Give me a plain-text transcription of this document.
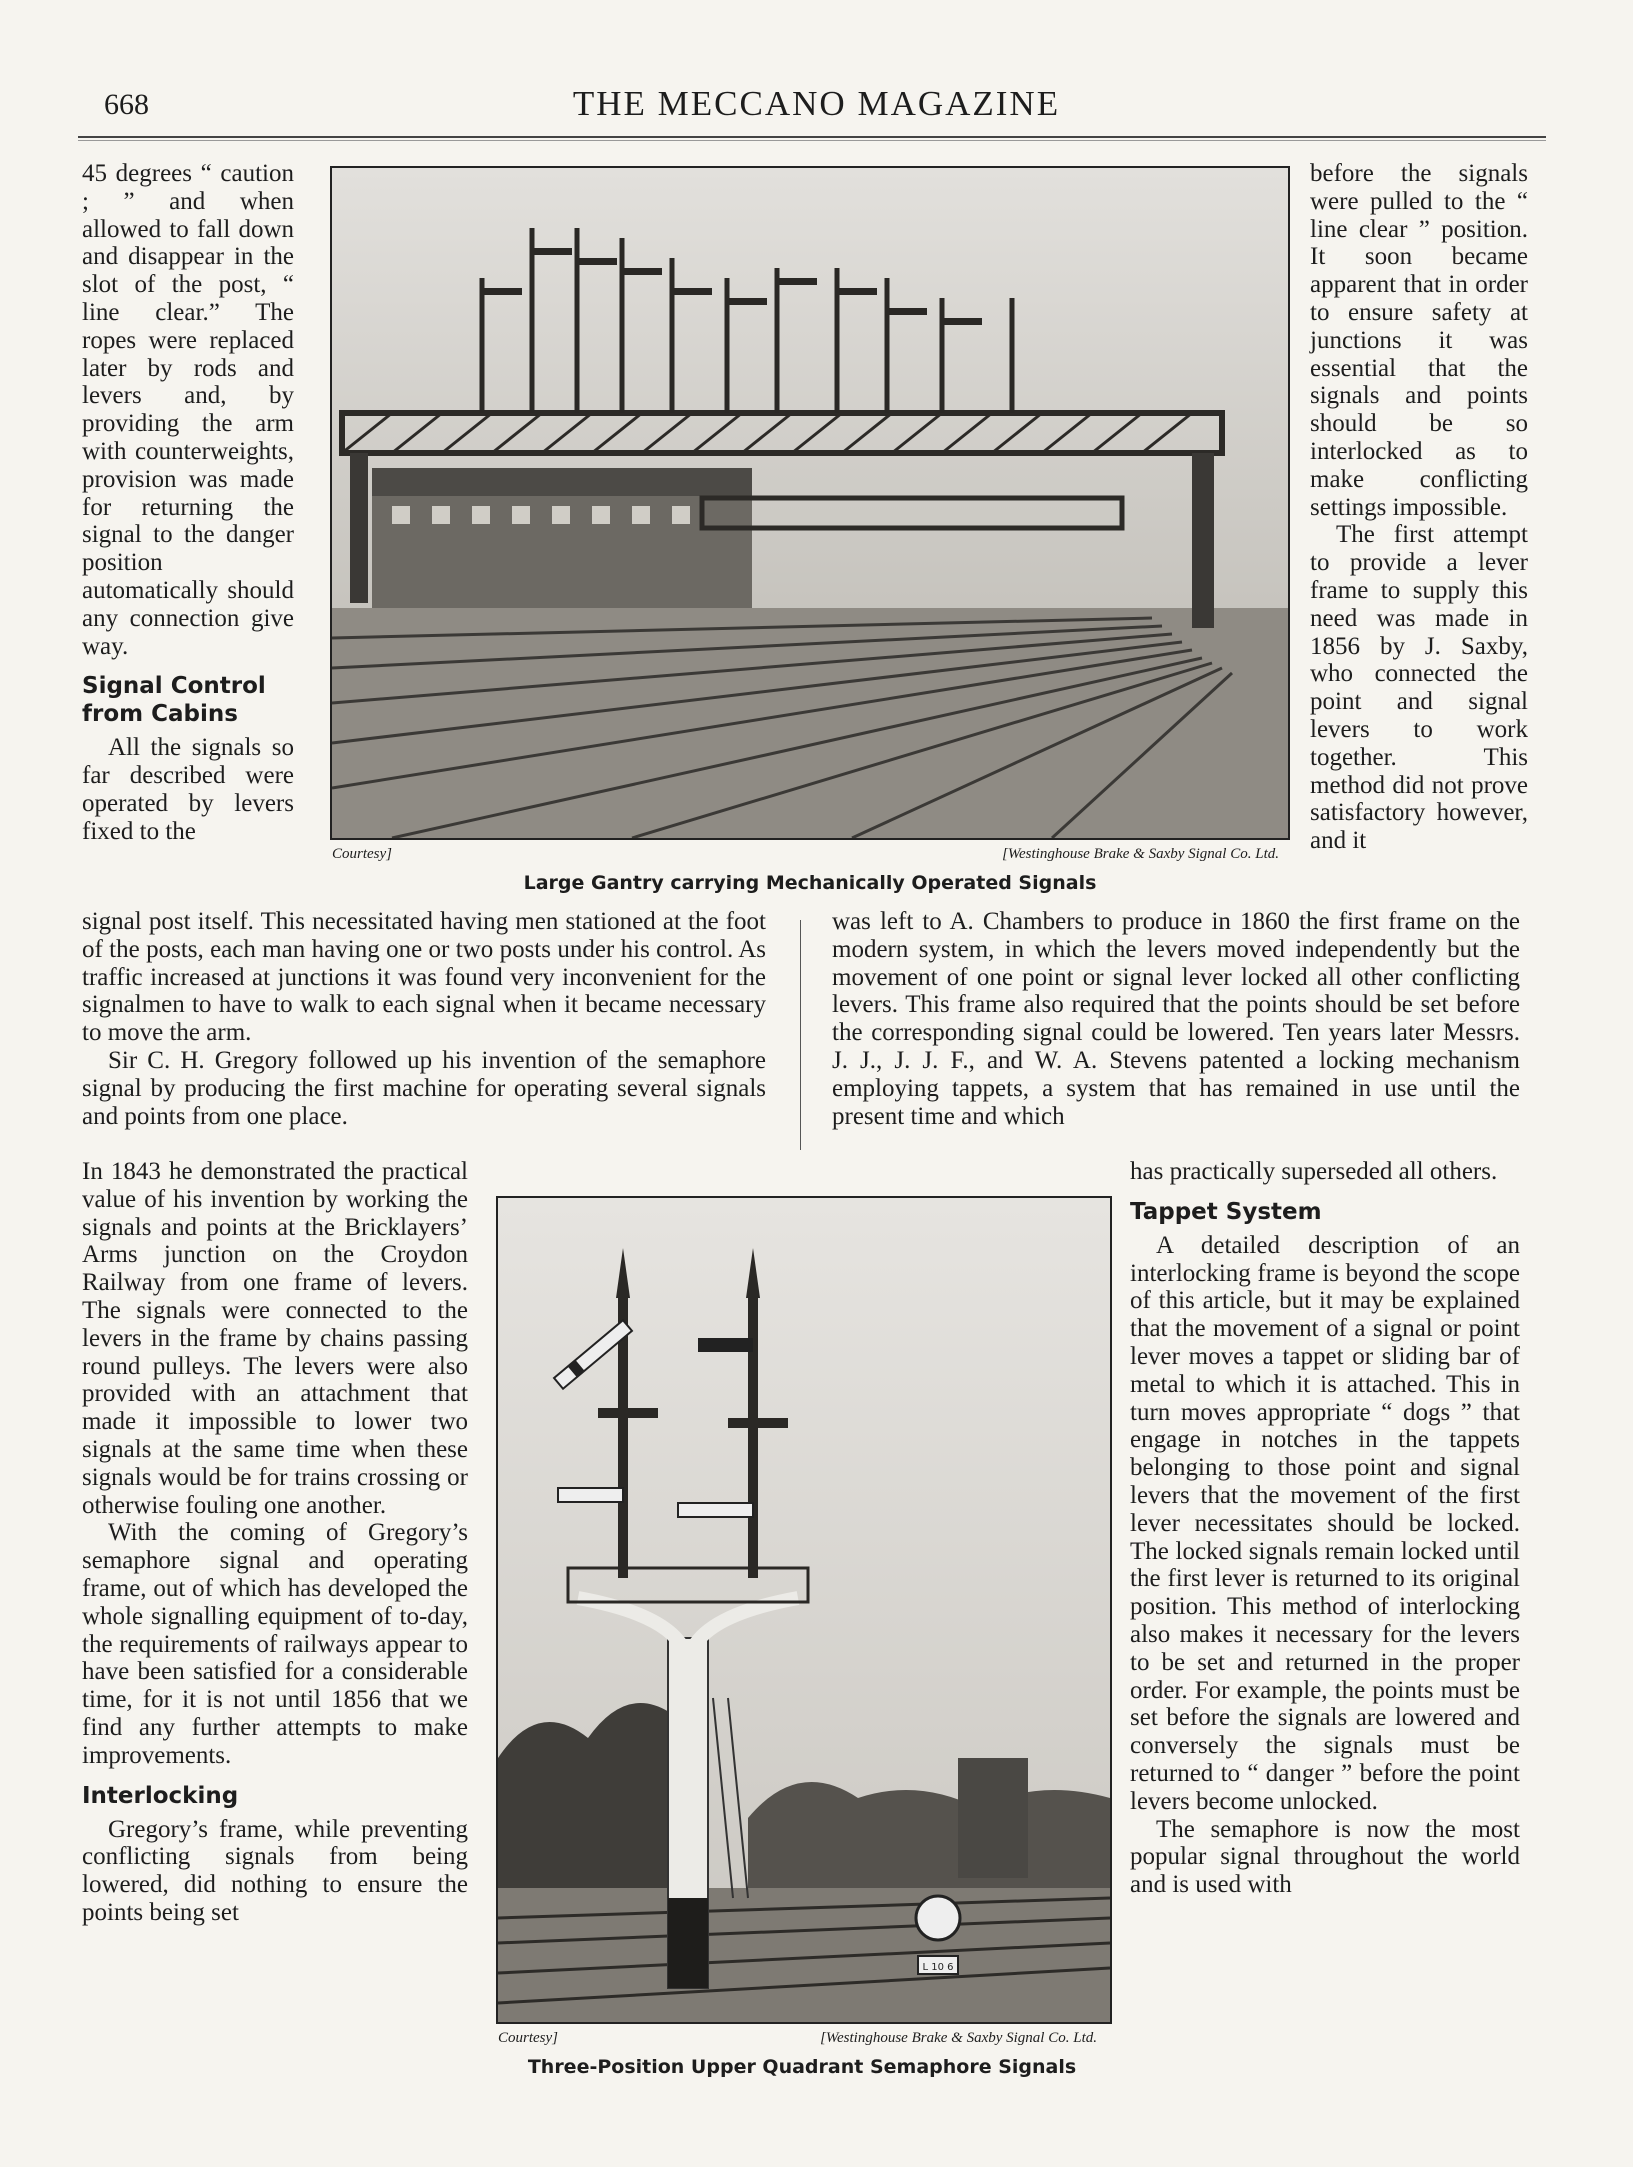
668	THE MECCANO MAGAZINE

45 degrees “ caution ; ” and when allowed to fall down and disappear in the slot of the post, “ line clear.” The ropes were replaced later by rods and levers and, by providing the arm with counterweights, provision was made for returning the signal to the danger position automatically should any connection give way.

Signal Control from Cabins

All the signals so far described were operated by levers fixed to the

Courtesy]	[Westinghouse Brake & Saxby Signal Co. Ltd.
Large Gantry carrying Mechanically Operated Signals

before the signals were pulled to the “ line clear ” position. It soon became apparent that in order to ensure safety at junctions it was essential that the signals and points should be so interlocked as to make conflicting settings impossible.

The first attempt to provide a lever frame to supply this need was made in 1856 by J. Saxby, who connected the point and signal levers to work together. This method did not prove satisfactory however, and it

signal post itself. This necessitated having men stationed at the foot of the posts, each man having one or two posts under his control. As traffic increased at junctions it was found very inconvenient for the signalmen to have to walk to each signal when it became necessary to move the arm.

Sir C. H. Gregory followed up his invention of the semaphore signal by producing the first machine for operating several signals and points from one place.

was left to A. Chambers to produce in 1860 the first frame on the modern system, in which the levers moved independently but the movement of one point or signal lever locked all other conflicting levers. This frame also required that the points should be set before the corresponding signal could be lowered. Ten years later Messrs. J. J., J. J. F., and W. A. Stevens patented a locking mechanism employing tappets, a system that has remained in use until the present time and which

In 1843 he demonstrated the practical value of his invention by working the signals and points at the Bricklayers’ Arms junction on the Croydon Railway from one frame of levers. The signals were connected to the levers in the frame by chains passing round pulleys. The levers were also provided with an attachment that made it impossible to lower two signals at the same time when these signals would be for trains crossing or otherwise fouling one another.

With the coming of Gregory’s semaphore signal and operating frame, out of which has developed the whole signalling equipment of to-day, the requirements of railways appear to have been satisfied for a considerable time, for it is not until 1856 that we find any further attempts to make improvements.

Interlocking

Gregory’s frame, while preventing conflicting signals from being lowered, did nothing to ensure the points being set

L 10 6
Courtesy]	[Westinghouse Brake & Saxby Signal Co. Ltd.
Three-Position Upper Quadrant Semaphore Signals

has practically superseded all others.

Tappet System

A detailed description of an interlocking frame is beyond the scope of this article, but it may be explained that the movement of a signal or point lever moves a tappet or sliding bar of metal to which it is attached. This in turn moves appropriate “ dogs ” that engage in notches in the tappets belonging to those point and signal levers that the movement of the first lever necessitates should be locked. The locked signals remain locked until the first lever is returned to its original position. This method of interlocking also makes it necessary for the levers to be set and returned in the proper order. For example, the points must be set before the signals are lowered and conversely the signals must be returned to “ danger ” before the point levers become unlocked.

The semaphore is now the most popular signal throughout the world and is used with
